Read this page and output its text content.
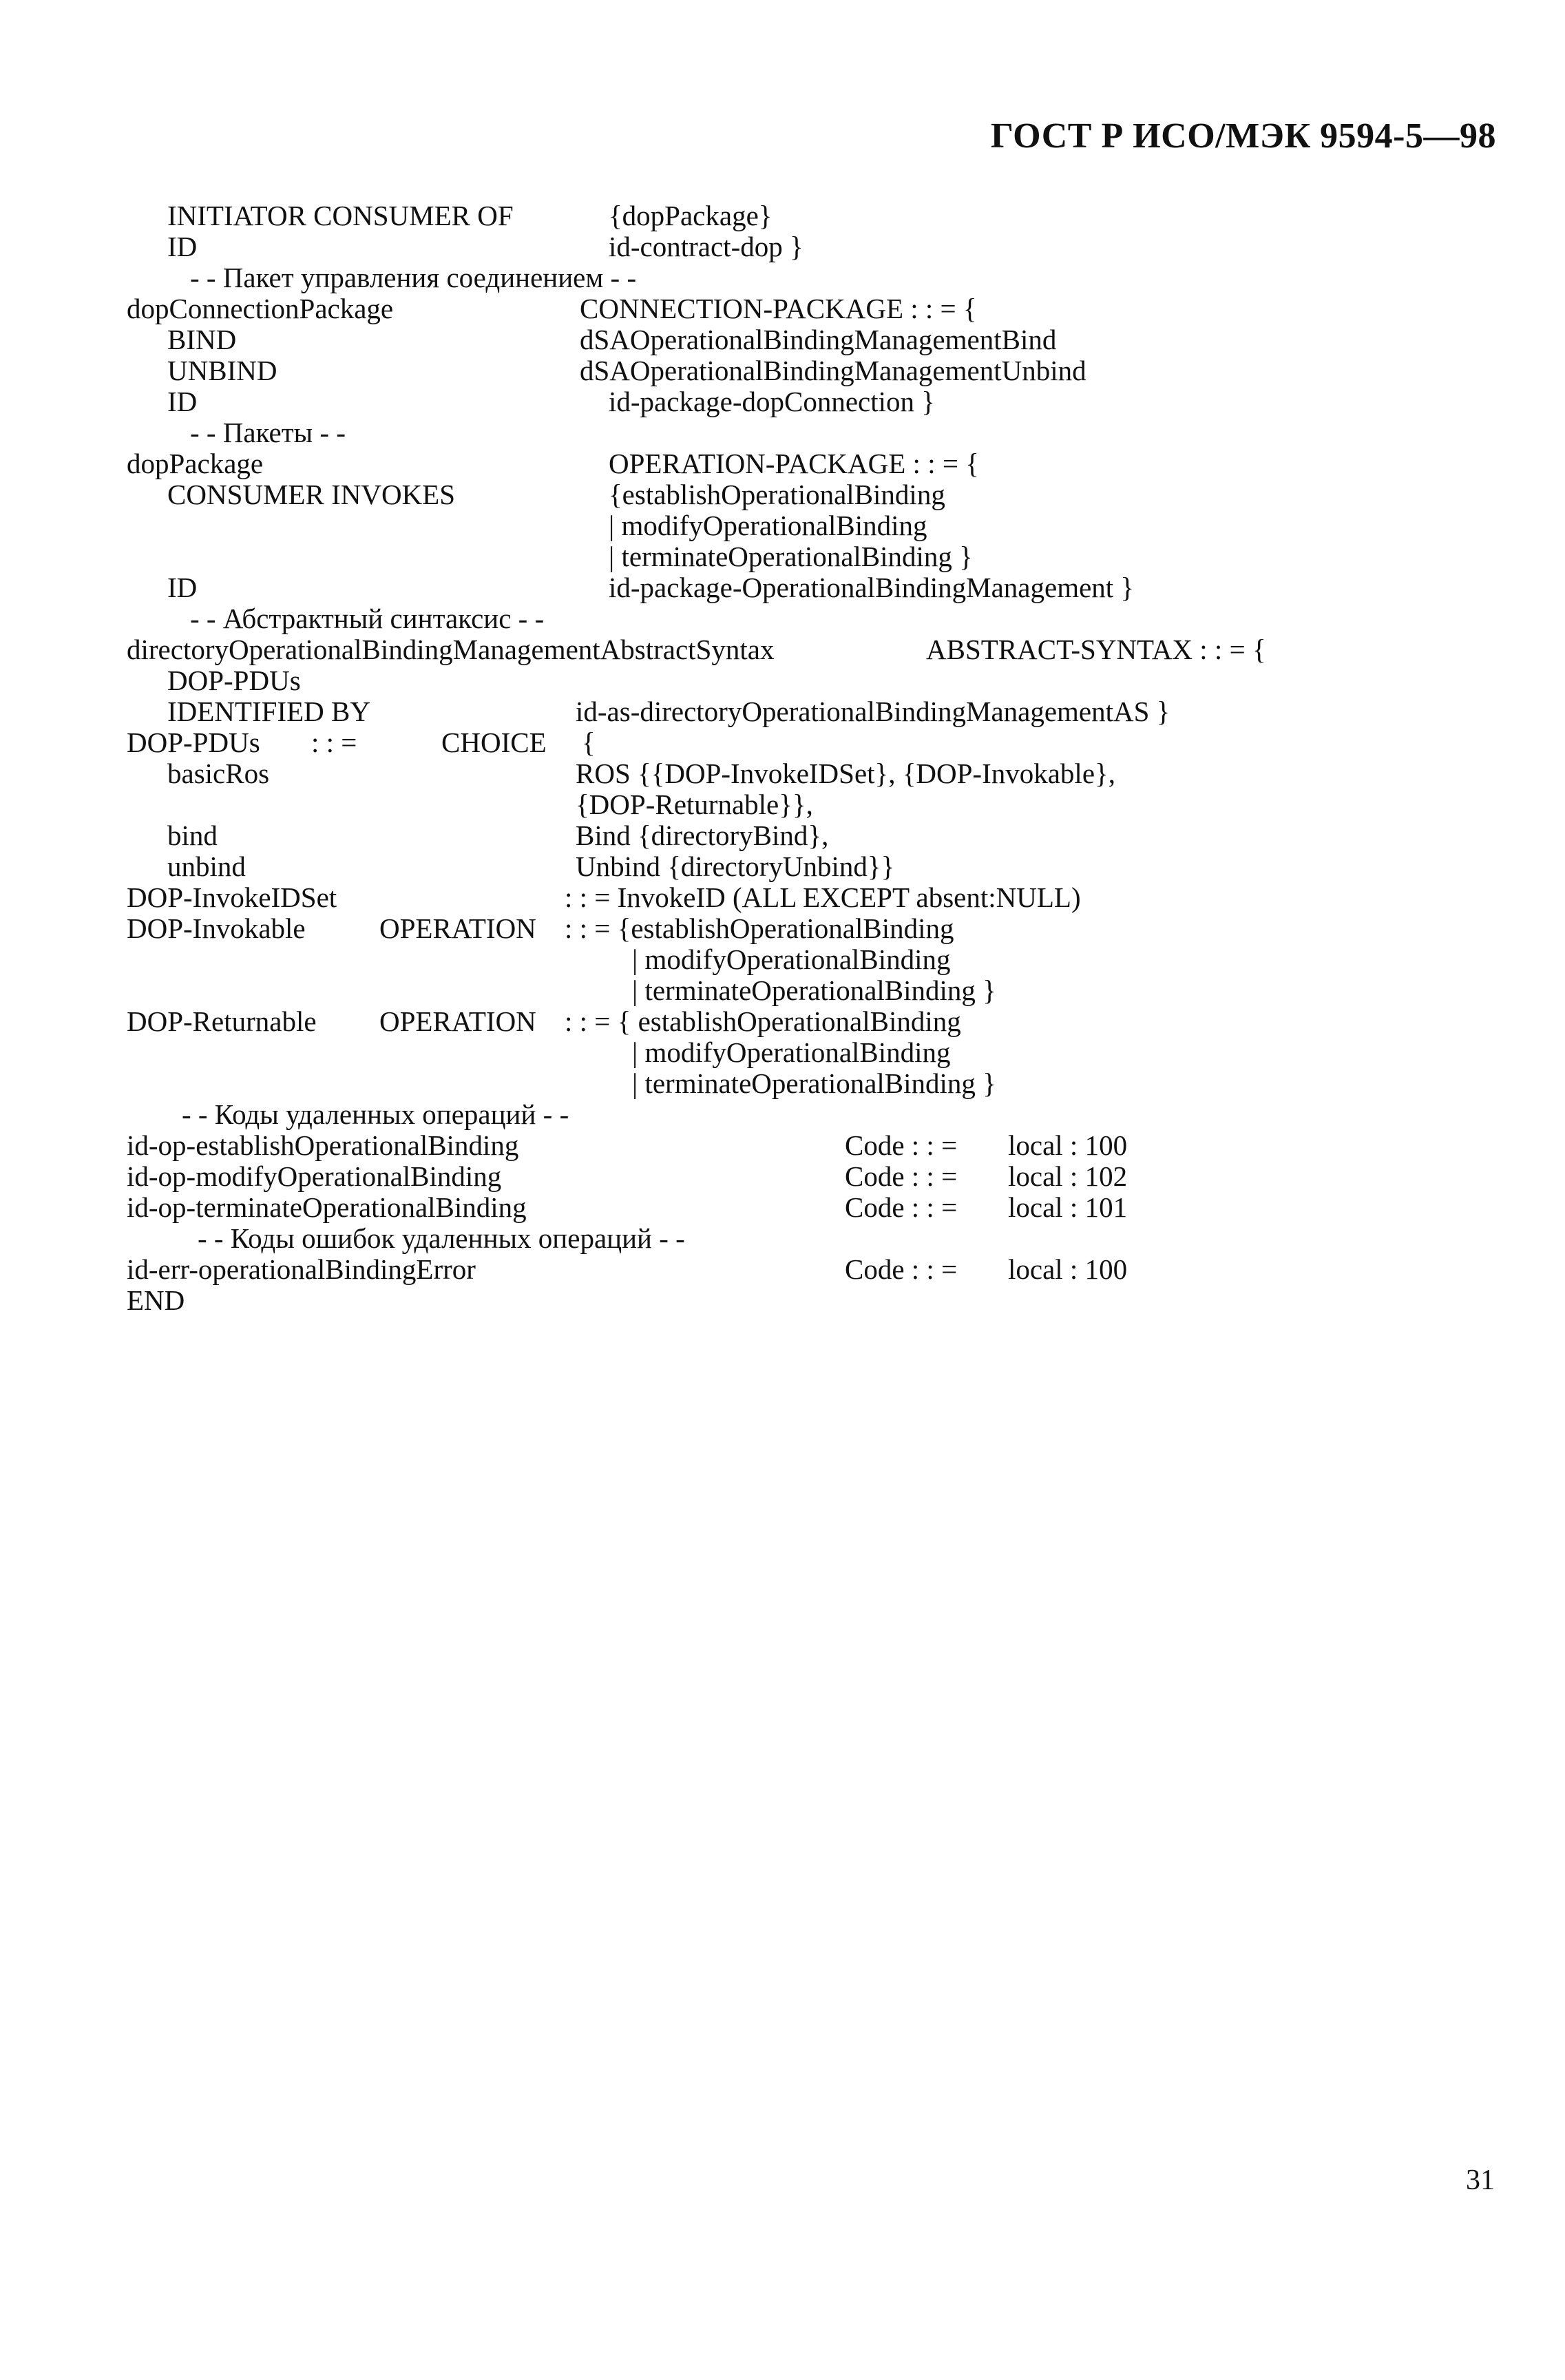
ГОСТ Р ИСО/МЭК 9594-5—98
INITIATOR CONSUMER OF	{dopPackage}
ID	id-contract-dop }
- - Пакет управления соединением - -
dopConnectionPackage	CONNECTION-PACKAGE : : = {
BIND	dSAOperationalBindingManagementBind
UNBIND	dSAOperationalBindingManagementUnbind
ID	id-package-dopConnection }
- - Пакеты - -
dopPackage	OPERATION-PACKAGE : : = {
CONSUMER INVOKES	{establishOperationalBinding
| modifyOperationalBinding
| terminateOperationalBinding }
ID	id-package-OperationalBindingManagement }
- - Абстрактный синтаксис - -
directoryOperationalBindingManagementAbstractSyntax	ABSTRACT-SYNTAX : : = {
DOP-PDUs
IDENTIFIED BY	id-as-directoryOperationalBindingManagementAS }
DOP-PDUs : : =	CHOICE {
basicRos	ROS {{DOP-InvokeIDSet}, {DOP-Invokable},
{DOP-Returnable}},
bind	Bind {directoryBind},
unbind	Unbind {directoryUnbind}}
DOP-InvokeIDSet	: : = InvokeID (ALL EXCEPT absent:NULL)
DOP-Invokable	OPERATION : : = {establishOperationalBinding
| modifyOperationalBinding
| terminateOperationalBinding }
DOP-Returnable OPERATION : : = { establishOperationalBinding
| modifyOperationalBinding
| terminateOperationalBinding }
- - Коды удаленных операций - -
id-op-establishOperationalBinding	Code : : = local : 100
id-op-modifyOperationalBinding	Code : : = local : 102
id-op-terminateOperationalBinding	Code : : = local : 101
- - Коды ошибок удаленных операций - -
id-err-operationalBindingError	Code : : = local : 100
END
31
